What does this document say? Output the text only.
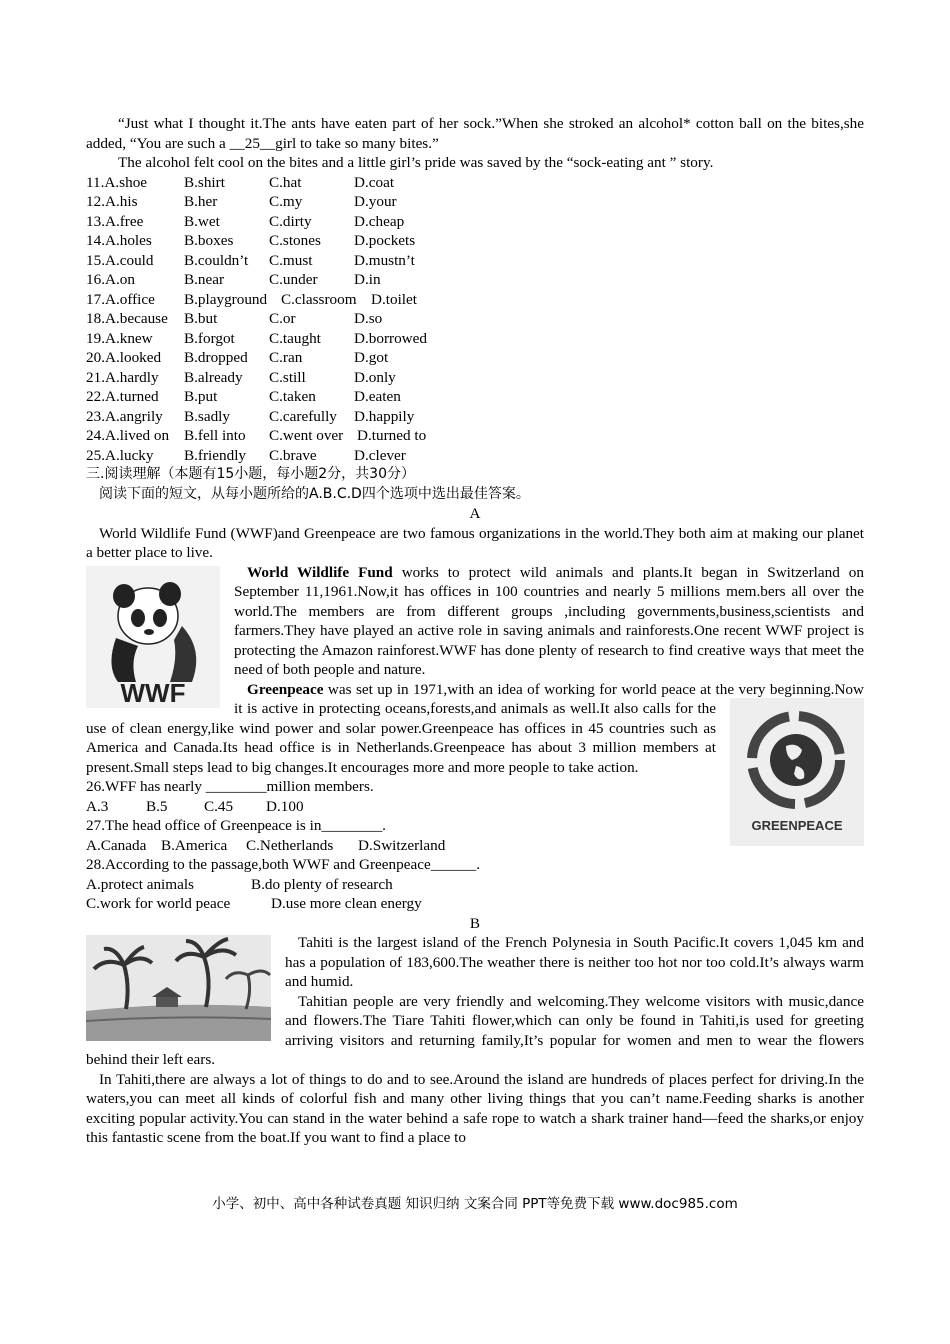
“Just what I thought it.The ants have eaten part of her sock.”When she stroked an alcohol* cotton ball on the bites,she added, “You are such a __25__girl to take so many bites.”

The alcohol felt cool on the bites and a little girl’s pride was saved by the “sock-eating ant ” story.

11.A.shoe	B.shirt	C.hat	D.coat
12.A.his	B.her	C.my	D.your
13.A.free	B.wet	C.dirty	D.cheap
14.A.holes	B.boxes	C.stones	D.pockets
15.A.could	B.couldn’t	C.must	D.mustn’t
16.A.on	B.near	C.under	D.in
17.A.office	B.playground C.classroom D.toilet
18.A.because	B.but	C.or	D.so
19.A.knew	B.forgot	C.taught	D.borrowed
20.A.looked	B.dropped	C.ran	D.got
21.A.hardly	B.already	C.still	D.only
22.A.turned	B.put	C.taken	D.eaten
23.A.angrily	B.sadly	C.carefully	D.happily
24.A.lived on B.fell into	C.went over D.turned to
25.A.lucky	B.friendly	C.brave	D.clever

三.阅读理解（本题有15小题，每小题2分，共30分）

阅读下面的短文，从每小题所给的A.B.C.D四个选项中选出最佳答案。

A

World Wildlife Fund (WWF)and Greenpeace are two famous organizations in the world.They both aim at making our planet a better place to live.

WWF

World Wildlife Fund works to protect wild animals and plants.It began in Switzerland on September 11,1961.Now,it has offices in 100 countries and nearly 5 millions mem.bers all over the world.The members are from different groups ,including governments,business,scientists and farmers.They have played an active role in saving animals and rainforests.One recent WWF project is protecting the Amazon rainforest.WWF has done plenty of research to find creative ways that meet the need of both people and nature.

GREENPEACE

Greenpeace was set up in 1971,with an idea of working for world peace at the very beginning.Now it is active in protecting oceans,forests,and animals as well.It also calls for the use of clean energy,like wind power and solar power.Greenpeace has offices in 45 countries such as America and Canada.Its head office is in Netherlands.Greenpeace has about 3 million members at present.Small steps lead to big changes.It encourages more and more people to take action.

26.WFF has nearly ________million members.

A.3	B.5	C.45	D.100

27.The head office of Greenpeace is in________.

A.Canada B.America	C.Netherlands	D.Switzerland

28.According to the passage,both WWF and Greenpeace______.

A.protect animals	B.do plenty of research
C.work for world peace	D.use more clean energy

B

Tahiti is the largest island of the French Polynesia in South Pacific.It covers 1,045 km and has a population of 183,600.The weather there is neither too hot nor too cold.It’s always warm and humid.

Tahitian people are very friendly and welcoming.They welcome visitors with music,dance and flowers.The Tiare Tahiti flower,which can only be found in Tahiti,is used for greeting arriving visitors and returning family,It’s popular for women and men to wear the flowers behind their left ears.

In Tahiti,there are always a lot of things to do and to see.Around the island are hundreds of places perfect for driving.In the waters,you can meet all kinds of colorful fish and many other living things that you can’t name.Feeding sharks is another exciting popular activity.You can stand in the water behind a safe rope to watch a shark trainer hand—feed the sharks,or enjoy this fantastic scene from the boat.If you want to find a place to

小学、初中、高中各种试卷真题 知识归纳 文案合同 PPT等免费下载 www.doc985.com
